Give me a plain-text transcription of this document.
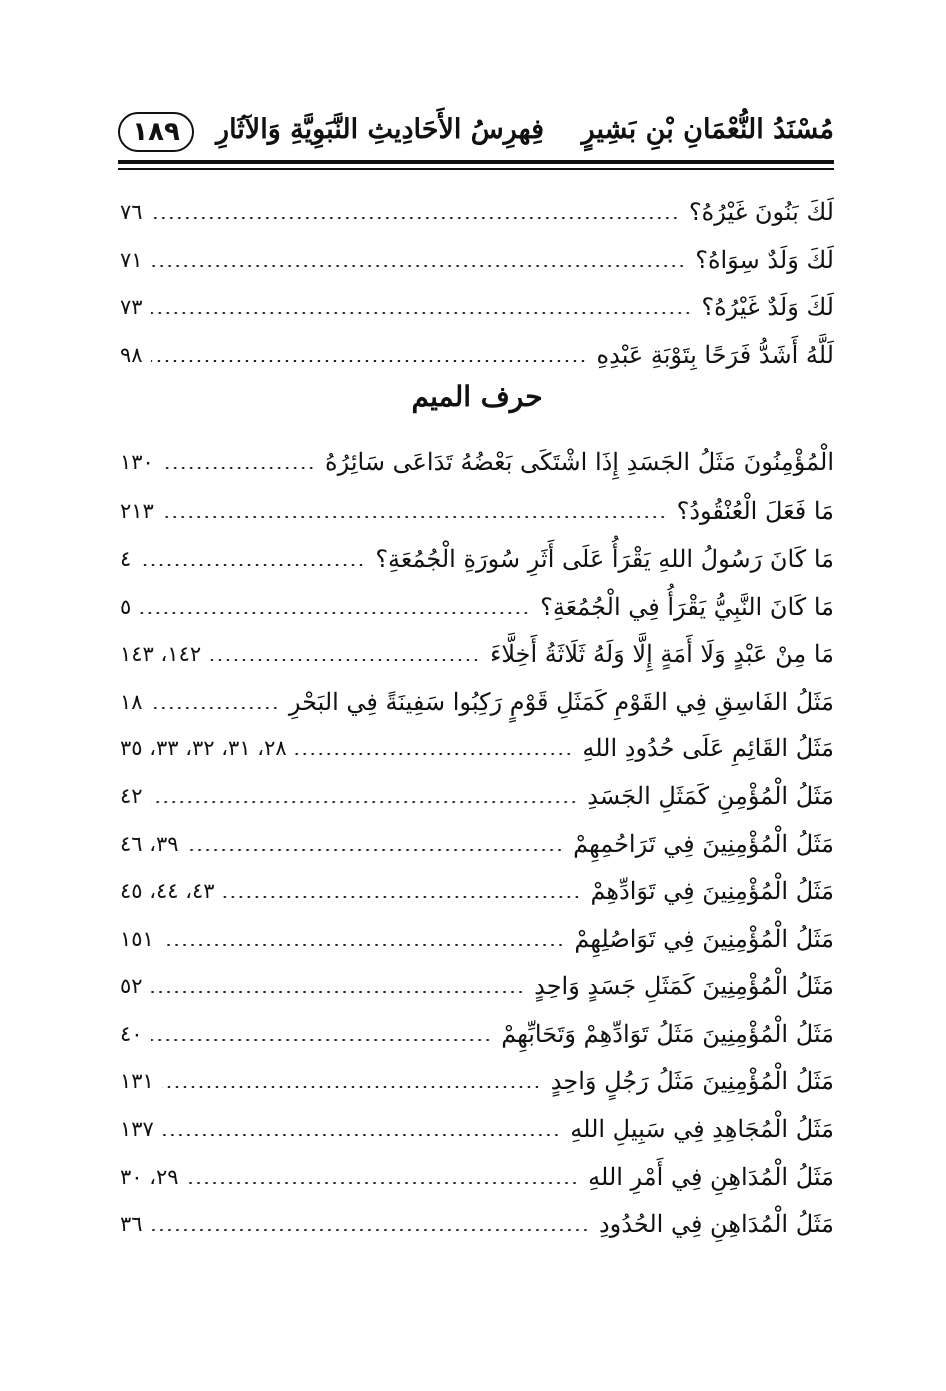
مُسْنَدُ النُّعْمَانِ بْنِ بَشِيرٍ
فِهرِسُ الأَحَادِيثِ النَّبَوِيَّةِ وَالآثَارِ
١٨٩
لَكَ بَنُونَ غَيْرُهُ؟
٧٦
لَكَ وَلَدٌ سِوَاهُ؟
٧١
لَكَ وَلَدٌ غَيْرُهُ؟
٧٣
لَلَّهُ أَشَدُّ فَرَحًا بِتَوْبَةِ عَبْدِهِ
٩٨
حرف الميم
الْمُؤْمِنُونَ مَثَلُ الجَسَدِ إِذَا اشْتَكَى بَعْضُهُ تَدَاعَى سَائِرُهُ
١٣٠
مَا فَعَلَ الْعُنْقُودُ؟
٢١٣
مَا كَانَ رَسُولُ اللهِ يَقْرَأُ عَلَى أَثَرِ سُورَةِ الْجُمُعَةِ؟
٤
مَا كَانَ النَّبِيُّ يَقْرَأُ فِي الْجُمُعَةِ؟
٥
مَا مِنْ عَبْدٍ وَلَا أَمَةٍ إِلَّا وَلَهُ ثَلَاثَةُ أَخِلَّاءَ
١٤٢، ١٤٣
مَثَلُ الفَاسِقِ فِي القَوْمِ كَمَثَلِ قَوْمٍ رَكِبُوا سَفِينَةً فِي البَحْرِ
١٨
مَثَلُ القَائِمِ عَلَى حُدُودِ اللهِ
٢٨، ٣١، ٣٢، ٣٣، ٣٥
مَثَلُ الْمُؤْمِنِ كَمَثَلِ الجَسَدِ
٤٢
مَثَلُ الْمُؤْمِنِينَ فِي تَرَاحُمِهِمْ
٣٩، ٤٦
مَثَلُ الْمُؤْمِنِينَ فِي تَوَادِّهِمْ
٤٣، ٤٤، ٤٥
مَثَلُ الْمُؤْمِنِينَ فِي تَوَاصُلِهِمْ
١٥١
مَثَلُ الْمُؤْمِنِينَ كَمَثَلِ جَسَدٍ وَاحِدٍ
٥٢
مَثَلُ الْمُؤْمِنِينَ مَثَلُ تَوَادِّهِمْ وَتَحَابِّهِمْ
٤٠
مَثَلُ الْمُؤْمِنِينَ مَثَلُ رَجُلٍ وَاحِدٍ
١٣١
مَثَلُ الْمُجَاهِدِ فِي سَبِيلِ اللهِ
١٣٧
مَثَلُ الْمُدَاهِنِ فِي أَمْرِ اللهِ
٢٩، ٣٠
مَثَلُ الْمُدَاهِنِ فِي الحُدُودِ
٣٦
